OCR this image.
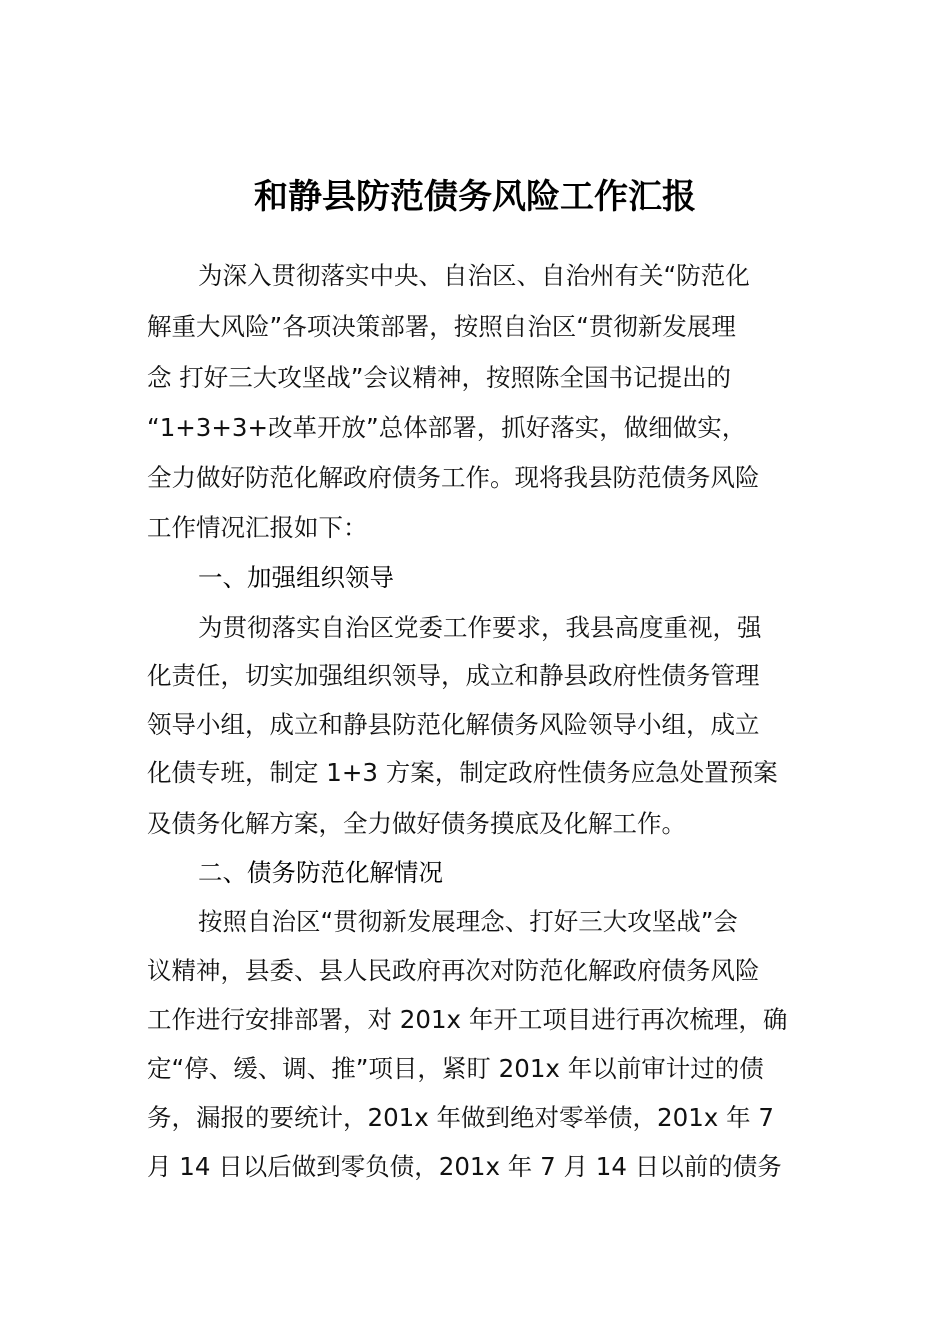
和静县防范债务风险工作汇报
为深入贯彻落实中央、自治区、自治州有关“防范化
解重大风险”各项决策部署，按照自治区“贯彻新发展理
念 打好三大攻坚战”会议精神，按照陈全国书记提出的
“1+3+3+改革开放”总体部署，抓好落实，做细做实，
全力做好防范化解政府债务工作。现将我县防范债务风险
工作情况汇报如下：
一、加强组织领导
为贯彻落实自治区党委工作要求，我县高度重视，强
化责任，切实加强组织领导，成立和静县政府性债务管理
领导小组，成立和静县防范化解债务风险领导小组，成立
化债专班，制定 1+3 方案，制定政府性债务应急处置预案
及债务化解方案，全力做好债务摸底及化解工作。
二、债务防范化解情况
按照自治区“贯彻新发展理念、打好三大攻坚战”会
议精神，县委、县人民政府再次对防范化解政府债务风险
工作进行安排部署，对 201x 年开工项目进行再次梳理，确
定“停、缓、调、推”项目，紧盯 201x 年以前审计过的债
务，漏报的要统计，201x 年做到绝对零举债，201x 年 7
月 14 日以后做到零负债，201x 年 7 月 14 日以前的债务
